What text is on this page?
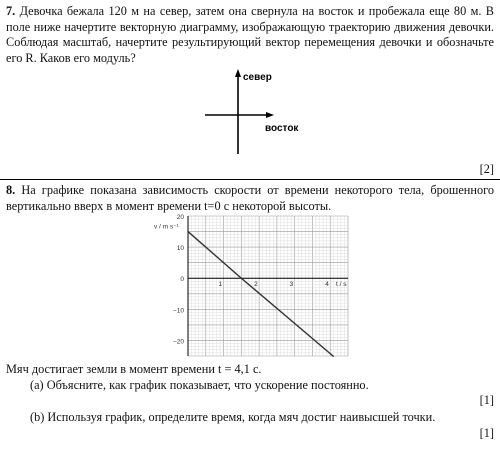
7. Девочка бежала 120 м на север, затем она свернула на восток и пробежала еще 80 м. В поле ниже начертите векторную диаграмму, изображающую траекторию движения девочки. Соблюдая масштаб, начертите результирующий вектор перемещения девочки и обозначьте его R. Каков его модуль?
север
восток
[2]
8. На графике показана зависимость скорости от времени некоторого тела, брошенного вертикально вверх в момент времени t=0 с некоторой высоты.
20
10
0
−10
−20
1	2	3	4
v / m s⁻¹
t / s
Мяч достигает земли в момент времени t = 4,1 с.
(а) Объясните, как график показывает, что ускорение постоянно.
[1]
(b) Используя график, определите время, когда мяч достиг наивысшей точки.
[1]
